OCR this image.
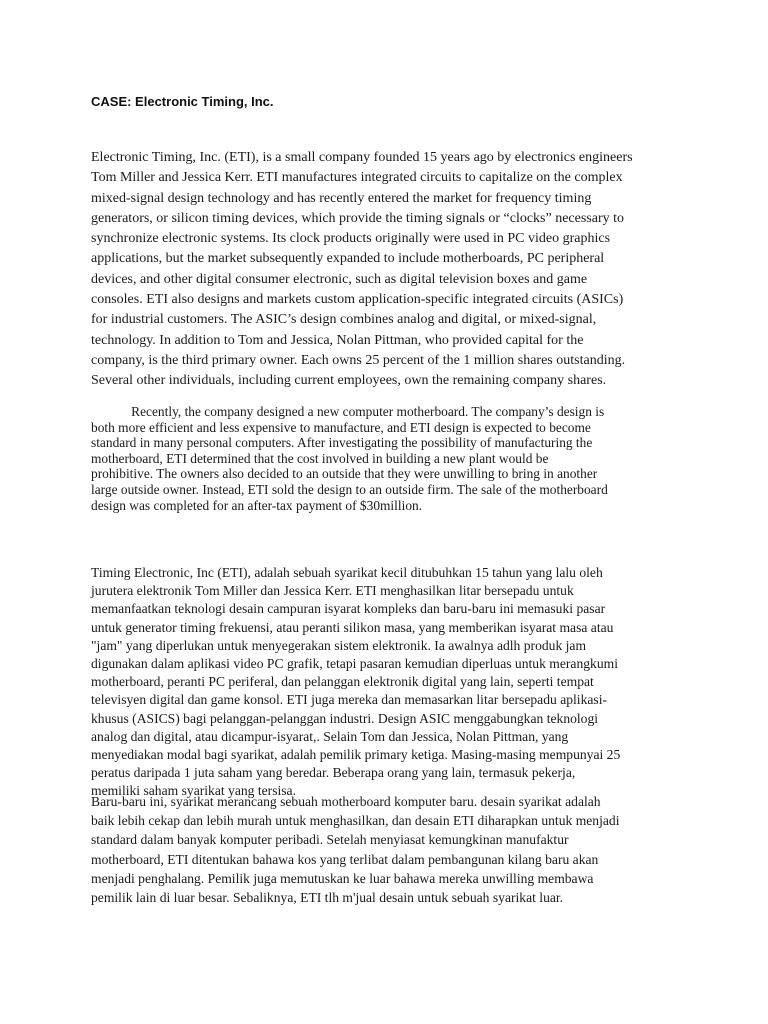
CASE: Electronic Timing, Inc.
Electronic Timing, Inc. (ETI), is a small company founded 15 years ago by electronics engineers
Tom Miller and Jessica Kerr. ETI manufactures integrated circuits to capitalize on the complex
mixed-signal design technology and has recently entered the market for frequency timing
generators, or silicon timing devices, which provide the timing signals or “clocks” necessary to
synchronize electronic systems. Its clock products originally were used in PC video graphics
applications, but the market subsequently expanded to include motherboards, PC peripheral
devices, and other digital consumer electronic, such as digital television boxes and game
consoles. ETI also designs and markets custom application-specific integrated circuits (ASICs)
for industrial customers. The ASIC’s design combines analog and digital, or mixed-signal,
technology. In addition to Tom and Jessica, Nolan Pittman, who provided capital for the
company, is the third primary owner. Each owns 25 percent of the 1 million shares outstanding.
Several other individuals, including current employees, own the remaining company shares.
Recently, the company designed a new computer motherboard. The company’s design is
both more efficient and less expensive to manufacture, and ETI design is expected to become
standard in many personal computers. After investigating the possibility of manufacturing the
motherboard, ETI determined that the cost involved in building a new plant would be
prohibitive. The owners also decided to an outside that they were unwilling to bring in another
large outside owner. Instead, ETI sold the design to an outside firm. The sale of the motherboard
design was completed for an after-tax payment of $30million.
Timing Electronic, Inc (ETI), adalah sebuah syarikat kecil ditubuhkan 15 tahun yang lalu oleh
jurutera elektronik Tom Miller dan Jessica Kerr. ETI menghasilkan litar bersepadu untuk
memanfaatkan teknologi desain campuran isyarat kompleks dan baru-baru ini memasuki pasar
untuk generator timing frekuensi, atau peranti silikon masa, yang memberikan isyarat masa atau
"jam" yang diperlukan untuk menyegerakan sistem elektronik. Ia awalnya adlh produk jam
digunakan dalam aplikasi video PC grafik, tetapi pasaran kemudian diperluas untuk merangkumi
motherboard, peranti PC periferal, dan pelanggan elektronik digital yang lain, seperti tempat
televisyen digital dan game konsol. ETI juga mereka dan memasarkan litar bersepadu aplikasi-
khusus (ASICS) bagi pelanggan-pelanggan industri. Design ASIC menggabungkan teknologi
analog dan digital, atau dicampur-isyarat,. Selain Tom dan Jessica, Nolan Pittman, yang
menyediakan modal bagi syarikat, adalah pemilik primary ketiga. Masing-masing mempunyai 25
peratus daripada 1 juta saham yang beredar. Beberapa orang yang lain, termasuk pekerja,
memiliki saham syarikat yang tersisa.
Baru-baru ini, syarikat merancang sebuah motherboard komputer baru. desain syarikat adalah
baik lebih cekap dan lebih murah untuk menghasilkan, dan desain ETI diharapkan untuk menjadi
standard dalam banyak komputer peribadi. Setelah menyiasat kemungkinan manufaktur
motherboard, ETI ditentukan bahawa kos yang terlibat dalam pembangunan kilang baru akan
menjadi penghalang. Pemilik juga memutuskan ke luar bahawa mereka unwilling membawa
pemilik lain di luar besar. Sebaliknya, ETI tlh m'jual desain untuk sebuah syarikat luar.
